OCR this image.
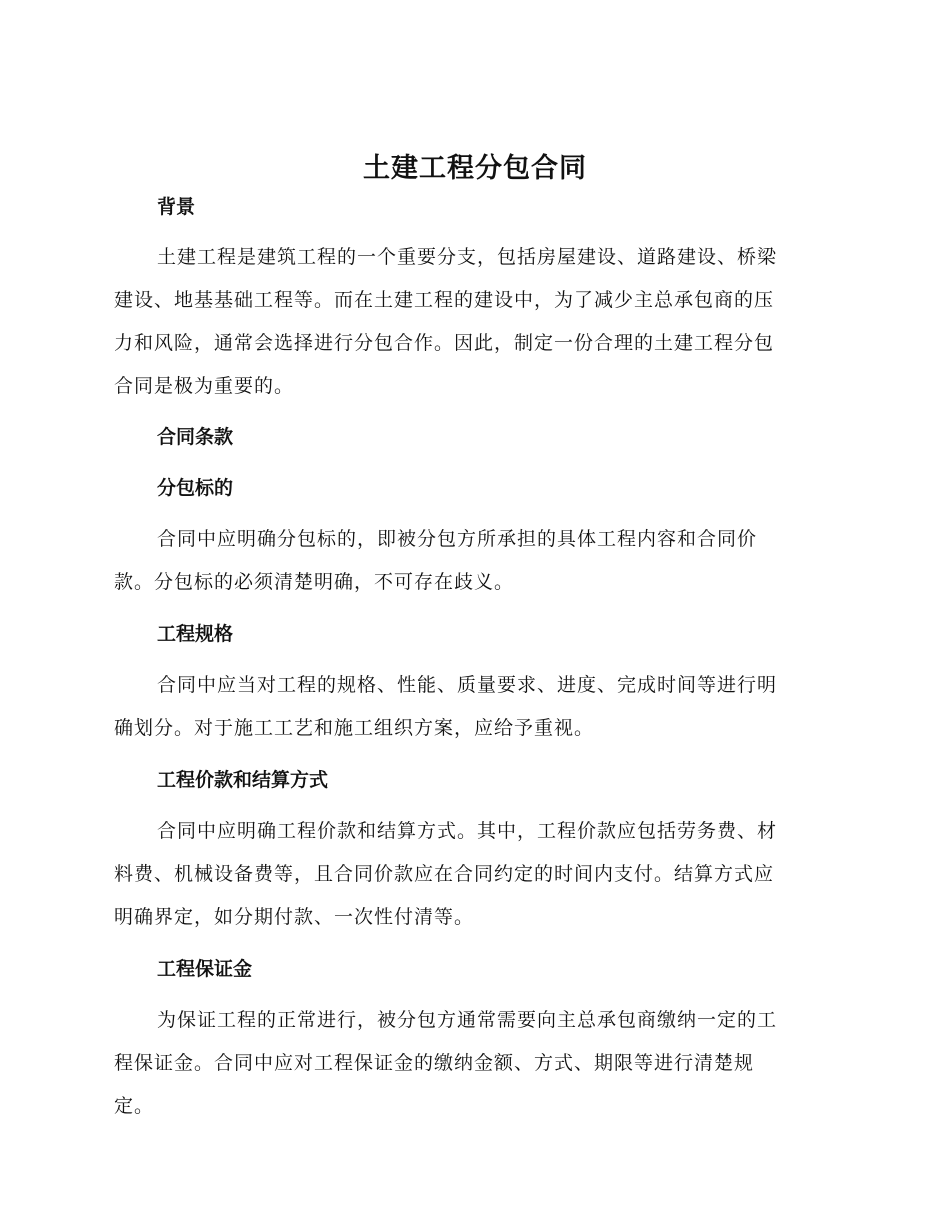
土建工程分包合同
背景
土建工程是建筑工程的一个重要分支，包括房屋建设、道路建设、桥梁
建设、地基基础工程等。而在土建工程的建设中，为了减少主总承包商的压
力和风险，通常会选择进行分包合作。因此，制定一份合理的土建工程分包
合同是极为重要的。
合同条款
分包标的
合同中应明确分包标的，即被分包方所承担的具体工程内容和合同价
款。分包标的必须清楚明确，不可存在歧义。
工程规格
合同中应当对工程的规格、性能、质量要求、进度、完成时间等进行明
确划分。对于施工工艺和施工组织方案，应给予重视。
工程价款和结算方式
合同中应明确工程价款和结算方式。其中，工程价款应包括劳务费、材
料费、机械设备费等，且合同价款应在合同约定的时间内支付。结算方式应
明确界定，如分期付款、一次性付清等。
工程保证金
为保证工程的正常进行，被分包方通常需要向主总承包商缴纳一定的工
程保证金。合同中应对工程保证金的缴纳金额、方式、期限等进行清楚规
定。
